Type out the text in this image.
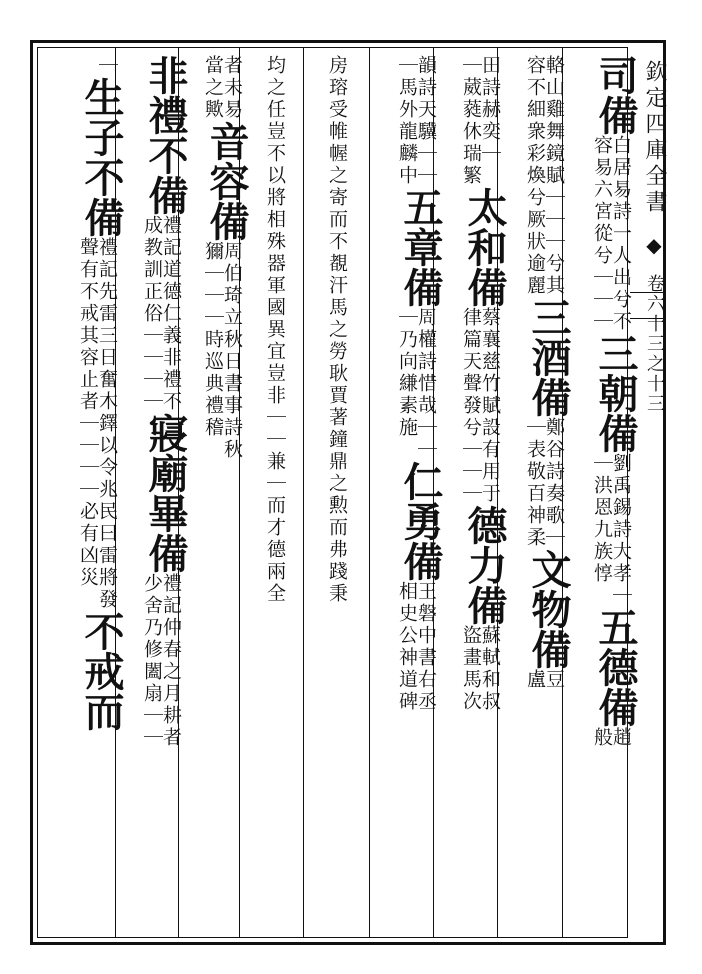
欽定四庫全書 ◆ 卷六十三之十三
司備
白居易詩一人出兮不
容易六宮從兮｜｜｜
三朝備
劉禹錫詩大孝｜
｜洪恩九族惇
五德備
趙
般
輅山雞舞鏡賦｜｜｜兮其
容不細衆彩煥兮厥狀逾麗
三酒備
鄭谷詩奏歌｜
｜表敬百神柔
文物備
豆
盧
田詩赫奕｜
｜葳蕤休瑞繁
太和備
蔡襄慈竹賦設有用于
律篇天聲發兮｜｜｜
德力備
蘇軾和叔
盜畫馬次
韻詩天驥｜｜
｜馬外龍麟中
五章備
周權詩惜哉｜｜
｜乃向縑素施
仁勇備
王磐中書右丞
相史公神道碑
房瑢受帷幄之寄而不覩汗馬之勞耿賈著鐘鼎之勲而弗踐秉
均之任豈不以將相殊器軍國異宜豈非｜｜兼｜而才德兩全
者未易
當之歟
音容備
周伯琦立秋日書事詩秋
獮｜｜｜時巡典禮稽
非禮不備
禮記道德仁義非禮不
成教訓正俗｜｜｜｜
寢廟畢備
禮記仲春之月耕者
少舍乃修闔扇｜｜
｜生子不備
禮記先雷三日奮木鐸以令兆民曰雷將發
聲有不戒其容止者｜｜｜｜必有凶災
不戒而
